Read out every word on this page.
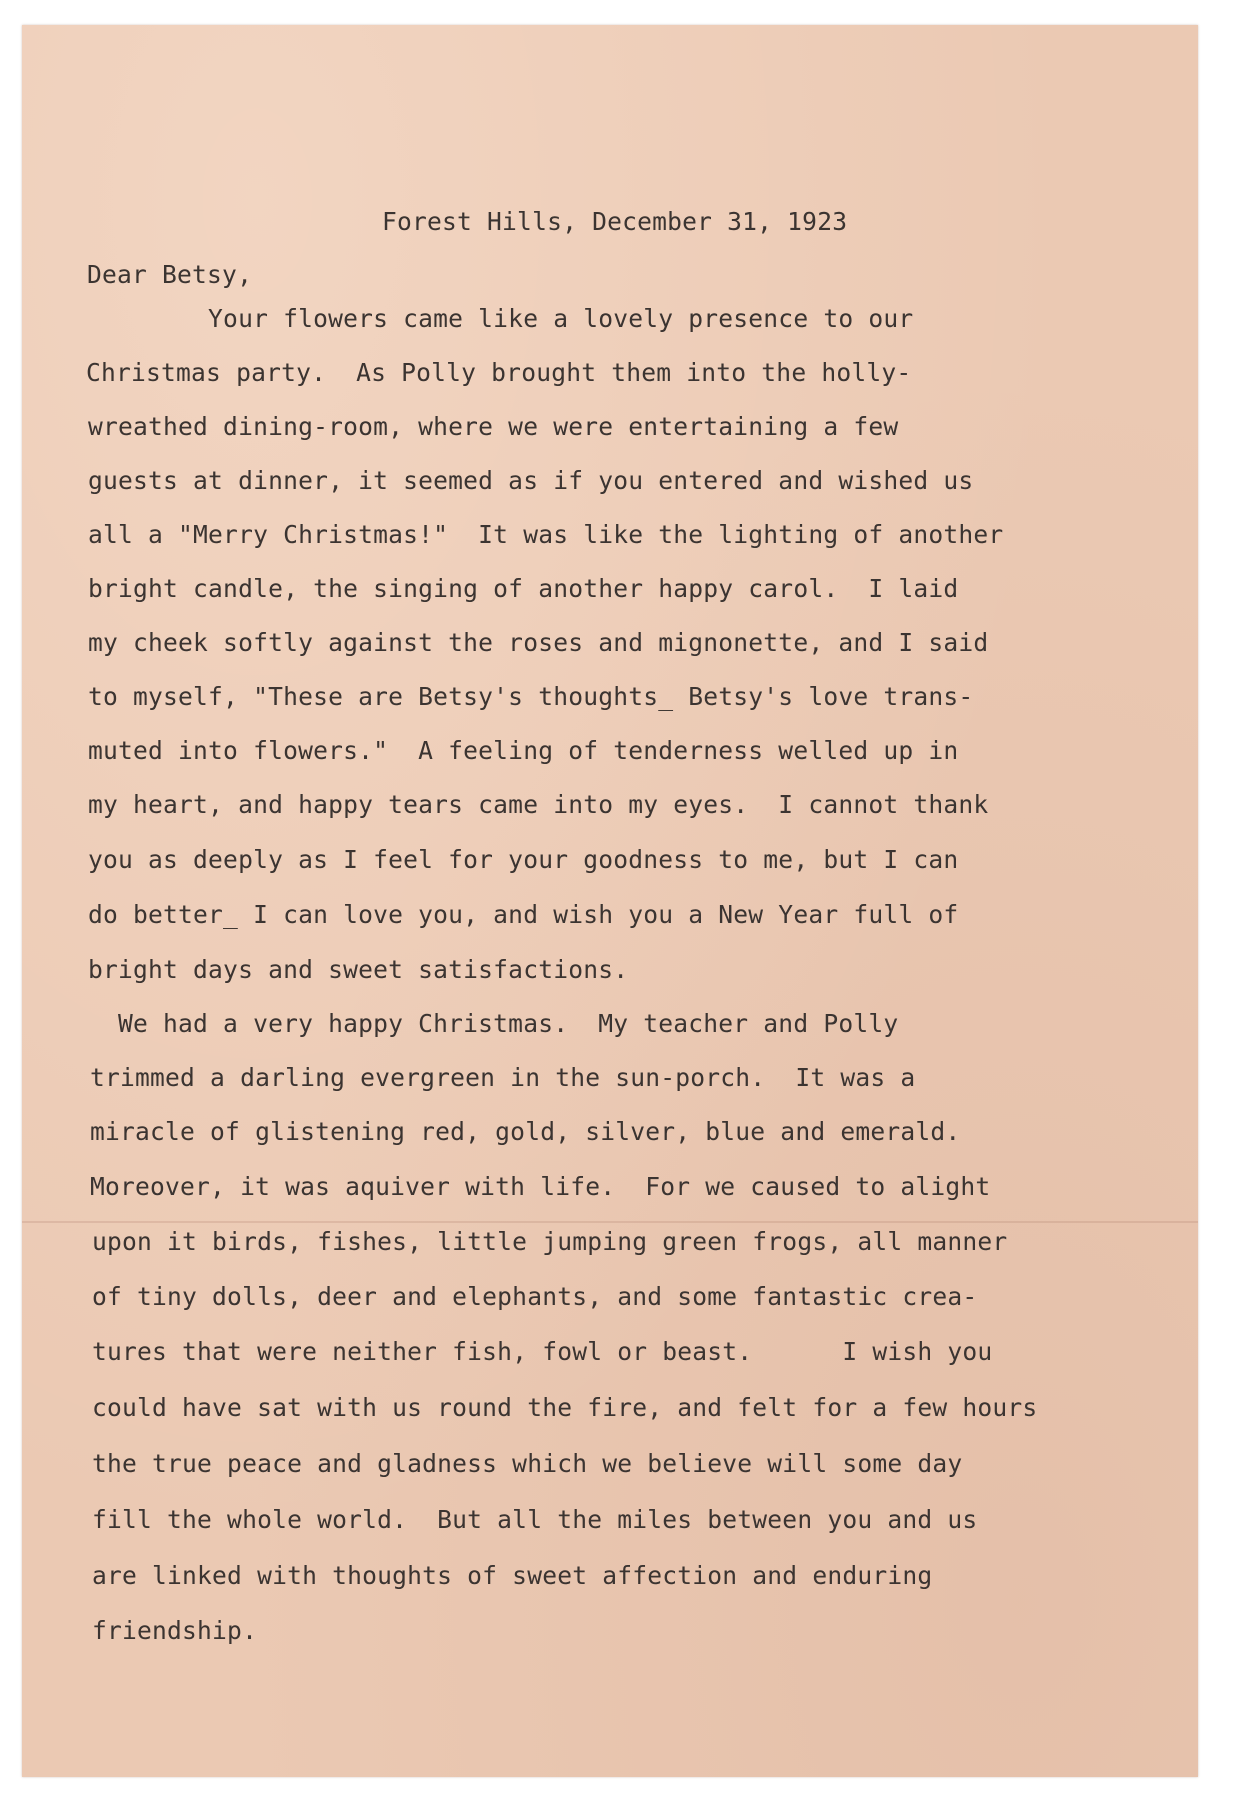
Forest Hills, December 31, 1923

Dear Betsy,

Your flowers came like a lovely presence to our

Christmas party.  As Polly brought them into the holly-

wreathed dining-room, where we were entertaining a few

guests at dinner, it seemed as if you entered and wished us

all a "Merry Christmas!"  It was like the lighting of another

bright candle, the singing of another happy carol.  I laid

my cheek softly against the roses and mignonette, and I said

to myself, "These are Betsy's thoughts_ Betsy's love trans-

muted into flowers."  A feeling of tenderness welled up in

my heart, and happy tears came into my eyes.  I cannot thank

you as deeply as I feel for your goodness to me, but I can

do better_ I can love you, and wish you a New Year full of

bright days and sweet satisfactions.

We had a very happy Christmas.  My teacher and Polly

trimmed a darling evergreen in the sun-porch.  It was a

miracle of glistening red, gold, silver, blue and emerald.

Moreover, it was aquiver with life.  For we caused to alight

upon it birds, fishes, little jumping green frogs, all manner

of tiny dolls, deer and elephants, and some fantastic crea-

tures that were neither fish, fowl or beast.      I wish you

could have sat with us round the fire, and felt for a few hours

the true peace and gladness which we believe will some day

fill the whole world.  But all the miles between you and us

are linked with thoughts of sweet affection and enduring

friendship.
